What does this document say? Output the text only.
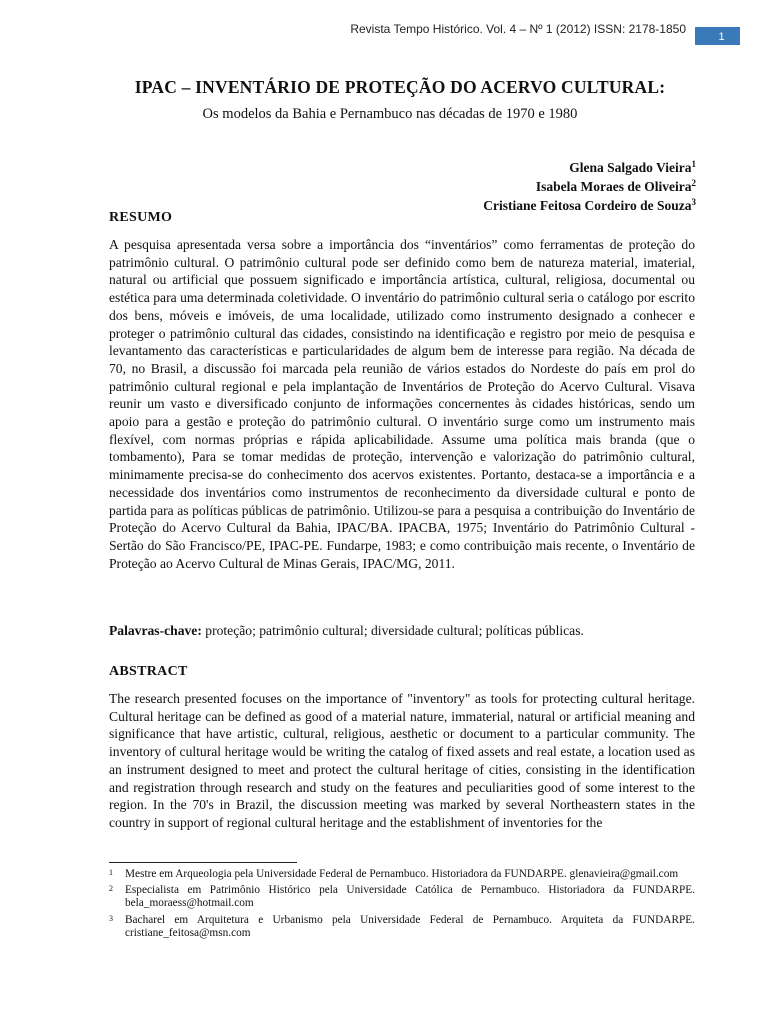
Revista Tempo Histórico. Vol. 4 – Nº 1 (2012) ISSN: 2178-1850
1
IPAC – INVENTÁRIO DE PROTEÇÃO DO ACERVO CULTURAL:
Os modelos da Bahia e Pernambuco nas décadas de 1970 e 1980
Glena Salgado Vieira$^1$
Isabela Moraes de Oliveira$^2$
Cristiane Feitosa Cordeiro de Souza$^3$
RESUMO

A pesquisa apresentada versa sobre a importância dos “inventários” como ferramentas de proteção do patrimônio cultural. O patrimônio cultural pode ser definido como bem de natureza material, imaterial, natural ou artificial que possuem significado e importância artística, cultural, religiosa, documental ou estética para uma determinada coletividade. O inventário do patrimônio cultural seria o catálogo por escrito dos bens, móveis e imóveis, de uma localidade, utilizado como instrumento designado a conhecer e proteger o patrimônio cultural das cidades, consistindo na identificação e registro por meio de pesquisa e levantamento das características e particularidades de algum bem de interesse para região. Na década de 70, no Brasil, a discussão foi marcada pela reunião de vários estados do Nordeste do país em prol do patrimônio cultural regional e pela implantação de Inventários de Proteção do Acervo Cultural. Visava reunir um vasto e diversificado conjunto de informações concernentes às cidades históricas, sendo um apoio para a gestão e proteção do patrimônio cultural. O inventário surge como um instrumento mais flexível, com normas próprias e rápida aplicabilidade. Assume uma política mais branda (que o tombamento), Para se tomar medidas de proteção, intervenção e valorização do patrimônio cultural, minimamente precisa-se do conhecimento dos acervos existentes. Portanto, destaca-se a importância e a necessidade dos inventários como instrumentos de reconhecimento da diversidade cultural e ponto de partida para as políticas públicas de patrimônio. Utilizou-se para a pesquisa a contribuição do Inventário de Proteção do Acervo Cultural da Bahia, IPAC/BA. IPACBA, 1975; Inventário do Patrimônio Cultural - Sertão do São Francisco/PE, IPAC-PE. Fundarpe, 1983; e como contribuição mais recente, o Inventário de Proteção ao Acervo Cultural de Minas Gerais, IPAC/MG, 2011.

Palavras-chave: proteção; patrimônio cultural; diversidade cultural; políticas públicas.
ABSTRACT

The research presented focuses on the importance of "inventory" as tools for protecting cultural heritage. Cultural heritage can be defined as good of a material nature, immaterial, natural or artificial meaning and significance that have artistic, cultural, religious, aesthetic or document to a particular community. The inventory of cultural heritage would be writing the catalog of fixed assets and real estate, a location used as an instrument designed to meet and protect the cultural heritage of cities, consisting in the identification and registration through research and study on the features and peculiarities good of some interest to the region. In the 70's in Brazil, the discussion meeting was marked by several Northeastern states in the country in support of regional cultural heritage and the establishment of inventories for the

1 Mestre em Arqueologia pela Universidade Federal de Pernambuco. Historiadora da FUNDARPE. glenavieira@gmail.com
2 Especialista em Patrimônio Histórico pela Universidade Católica de Pernambuco. Historiadora da FUNDARPE. bela_moraess@hotmail.com
3 Bacharel em Arquitetura e Urbanismo pela Universidade Federal de Pernambuco. Arquiteta da FUNDARPE. cristiane_feitosa@msn.com
